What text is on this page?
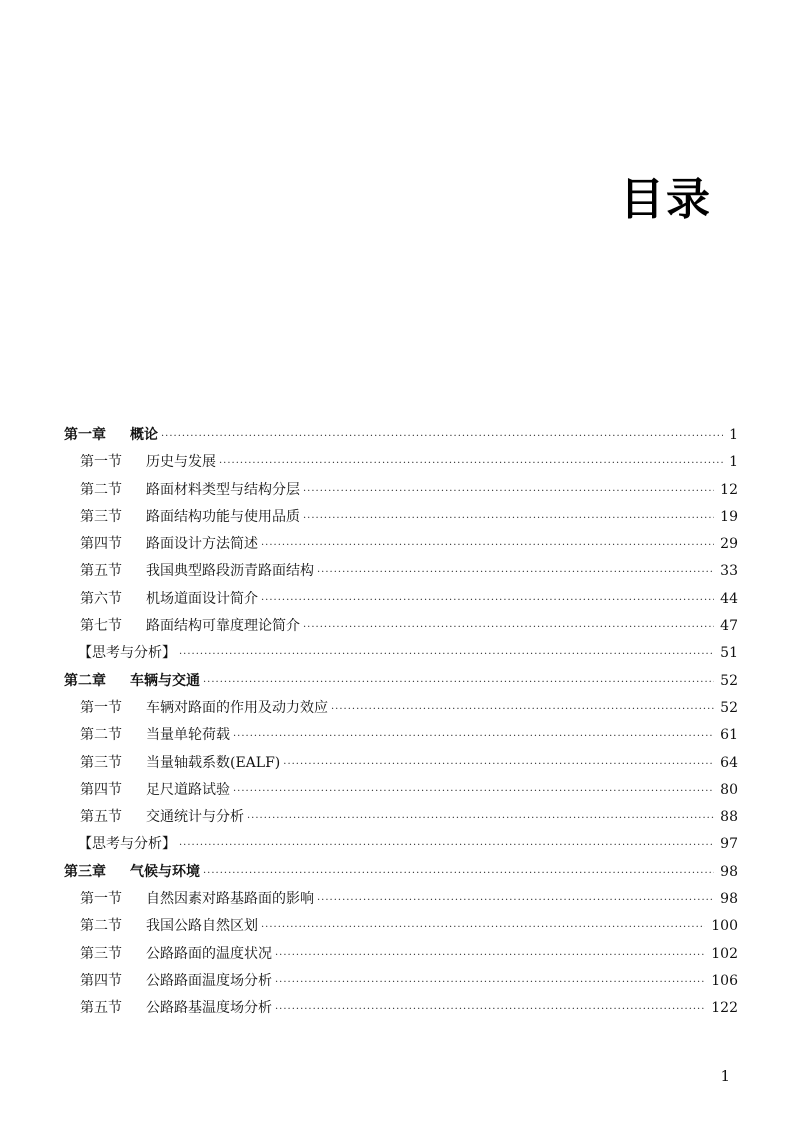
目录
第一章	概论 ·····	1
第一节	历史与发展 ·····	1
第二节	路面材料类型与结构分层 ·····	12
第三节	路面结构功能与使用品质 ·····	19
第四节	路面设计方法简述 ·····	29
第五节	我国典型路段沥青路面结构 ·····	33
第六节	机场道面设计简介 ·····	44
第七节	路面结构可靠度理论简介 ·····	47
【思考与分析】 ·····	51
第二章	车辆与交通 ·····	52
第一节	车辆对路面的作用及动力效应 ·····	52
第二节	当量单轮荷载 ·····	61
第三节	当量轴载系数(EALF) ·····	64
第四节	足尺道路试验 ·····	80
第五节	交通统计与分析 ·····	88
【思考与分析】 ·····	97
第三章	气候与环境 ·····	98
第一节	自然因素对路基路面的影响 ·····	98
第二节	我国公路自然区划 ·····	100
第三节	公路路面的温度状况 ·····	102
第四节	公路路面温度场分析 ·····	106
第五节	公路路基温度场分析 ·····	122
1
